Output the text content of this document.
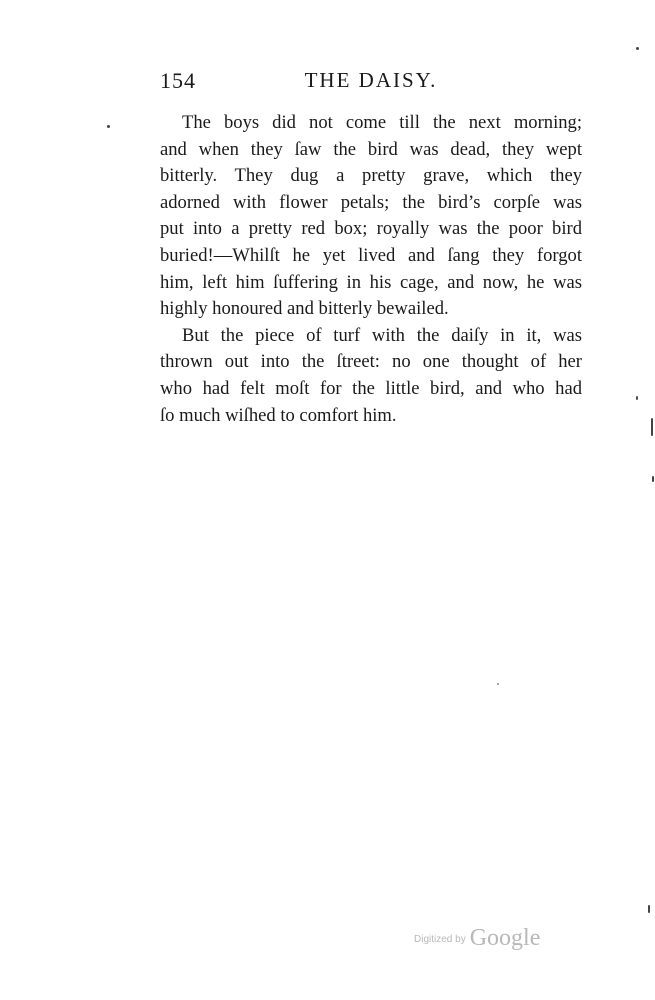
154	THE DAISY.

The boys did not come till the next morning;
and when they ſaw the bird was dead, they wept
bitterly. They dug a pretty grave, which they
adorned with flower petals; the bird’s corpſe was
put into a pretty red box; royally was the poor bird
buried!—Whilſt he yet lived and ſang they forgot
him, left him ſuffering in his cage, and now, he was
highly honoured and bitterly bewailed.

But the piece of turf with the daiſy in it, was
thrown out into the ſtreet: no one thought of her
who had felt moſt for the little bird, and who had
ſo much wiſhed to comfort him.

Digitized by Google
